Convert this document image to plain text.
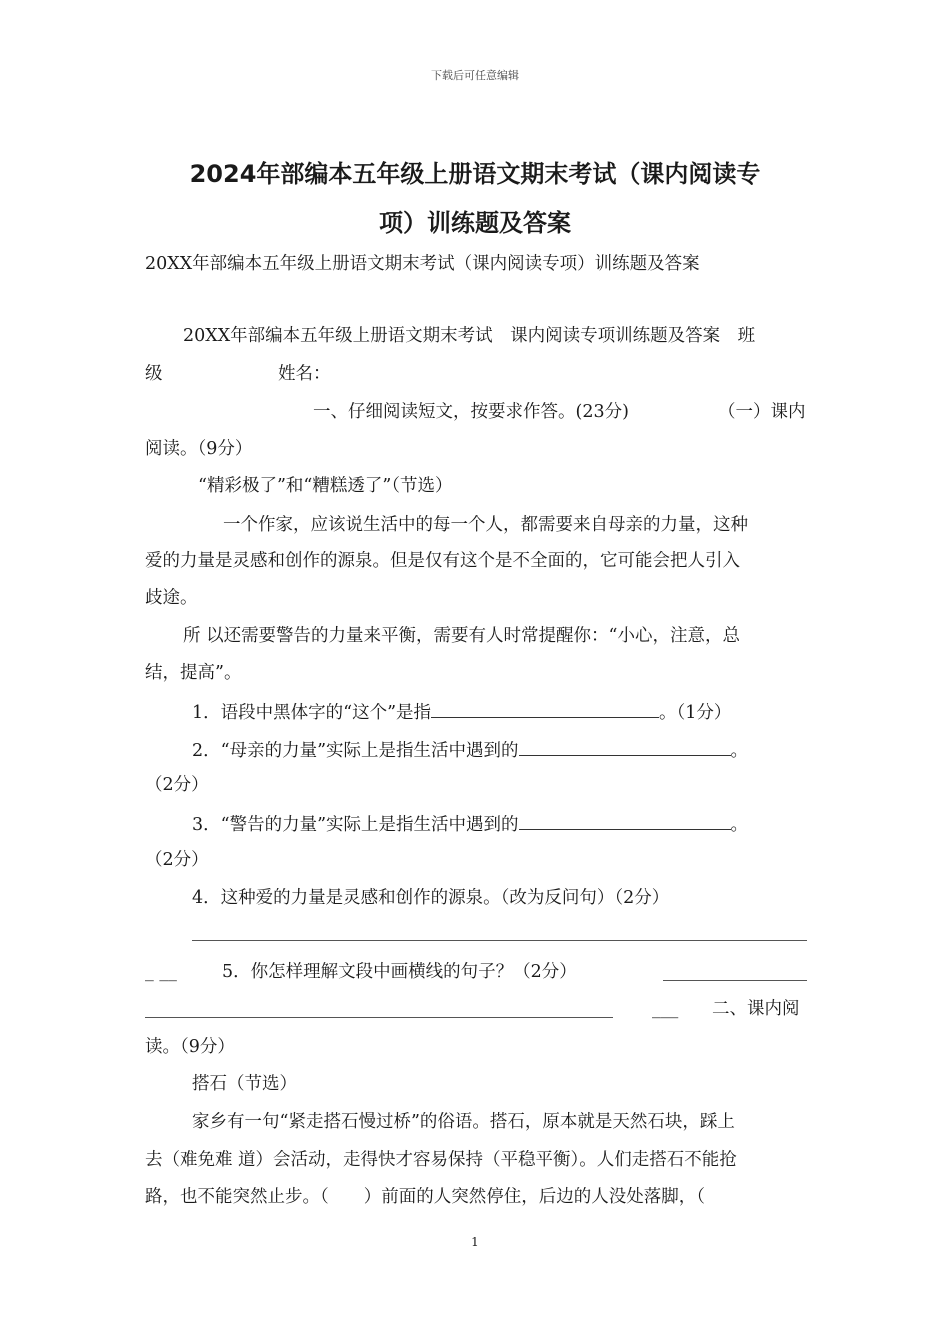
下载后可任意编辑
2024年部编本五年级上册语文期末考试（课内阅读专
项）训练题及答案
20XX年部编本五年级上册语文期末考试（课内阅读专项）训练题及答案
20XX年部编本五年级上册语文期末考试　课内阅读专项训练题及答案　班
级	姓名：
一、仔细阅读短文，按要求作答。(23分)	（一）课内
阅读。（9分）
“精彩极了”和“糟糕透了”（节选）
一个作家，应该说生活中的每一个人，都需要来自母亲的力量，这种
爱的力量是灵感和创作的源泉。但是仅有这个是不全面的，它可能会把人引入
歧途。
所 以还需要警告的力量来平衡，需要有人时常提醒你：“小心，注意，总
结，提高”。
1．语段中黑体字的“这个”是指	。（1分）
2．“母亲的力量”实际上是指生活中遇到的	。
（2分）
3．“警告的力量”实际上是指生活中遇到的	。
（2分）
4．这种爱的力量是灵感和创作的源泉。（改为反问句）（2分）
_ __	5．你怎样理解文段中画横线的句子？（2分）
___ 二、课内阅
读。（9分）
搭石（节选）
家乡有一句“紧走搭石慢过桥”的俗语。搭石，原本就是天然石块，踩上
去（难免难 道）会活动，走得快才容易保持（平稳平衡）。人们走搭石不能抢
路，也不能突然止步。（　　）前面的人突然停住，后边的人没处落脚，（
1
